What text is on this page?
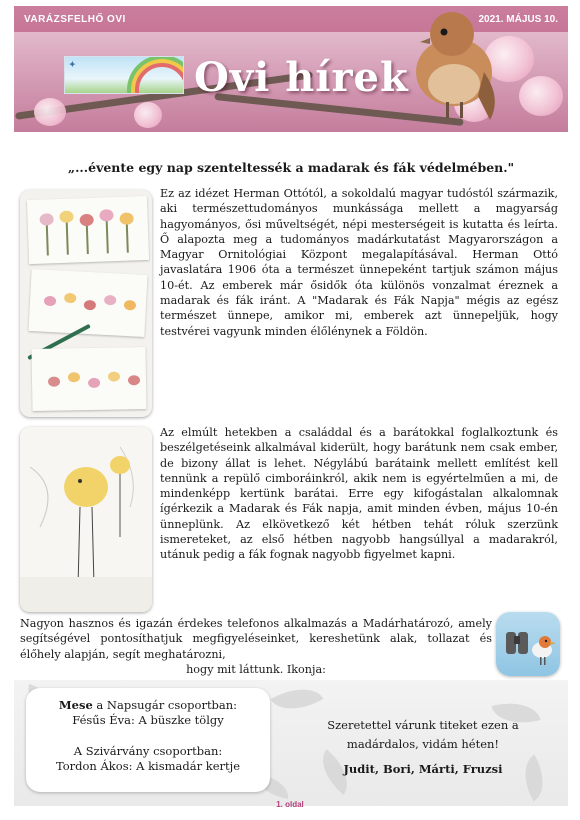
✦
VARÁZSFELHŐ OVI	2021. MÁJUS 10.
Ovi hírek
„...évente egy nap szenteltessék a madarak és fák védelmében."
Ez az idézet Herman Ottótól, a sokoldalú magyar tudóstól származik, aki természettudományos munkássága mellett a magyarság hagyományos, ősi műveltségét, népi mesterségeit is kutatta és leírta. Ő alapozta meg a tudományos madárkutatást Magyarországon a Magyar Ornitológiai Központ megalapításával. Herman Ottó javaslatára 1906 óta a természet ünnepeként tartjuk számon május 10-ét. Az emberek már ősidők óta különös vonzalmat éreznek a madarak és fák iránt. A "Madarak és Fák Napja" mégis az egész természet ünnepe, amikor mi, emberek azt ünnepeljük, hogy testvérei vagyunk minden élőlénynek a Földön.
Az elmúlt hetekben a családdal és a barátokkal foglalkoztunk és beszélgetéseink alkalmával kiderült, hogy barátunk nem csak ember, de bizony állat is lehet. Négylábú barátaink mellett említést kell tennünk a repülő cimboráinkról, akik nem is egyértelműen a mi, de mindenképp kertünk barátai. Erre egy kifogástalan alkalomnak ígérkezik a Madarak és Fák napja, amit minden évben, május 10-én ünneplünk. Az elkövetkező két hétben tehát róluk szerzünk ismereteket, az első hétben nagyobb hangsúllyal a madarakról, utánuk pedig a fák fognak nagyobb figyelmet kapni.
Nagyon hasznos és igazán érdekes telefonos alkalmazás a Madárhatározó, amely segítségével pontosíthatjuk megfigyeléseinket, kereshetünk alak, tollazat és élőhely alapján, segít meghatározni,
hogy mit láttunk. Ikonja:
Mese a Napsugár csoportban:
Fésűs Éva: A büszke tölgy
A Szivárvány csoportban:
Tordon Ákos: A kismadár kertje
Szeretettel várunk titeket ezen a madárdalos, vidám héten!
Judit, Bori, Márti, Fruzsi
1. oldal
